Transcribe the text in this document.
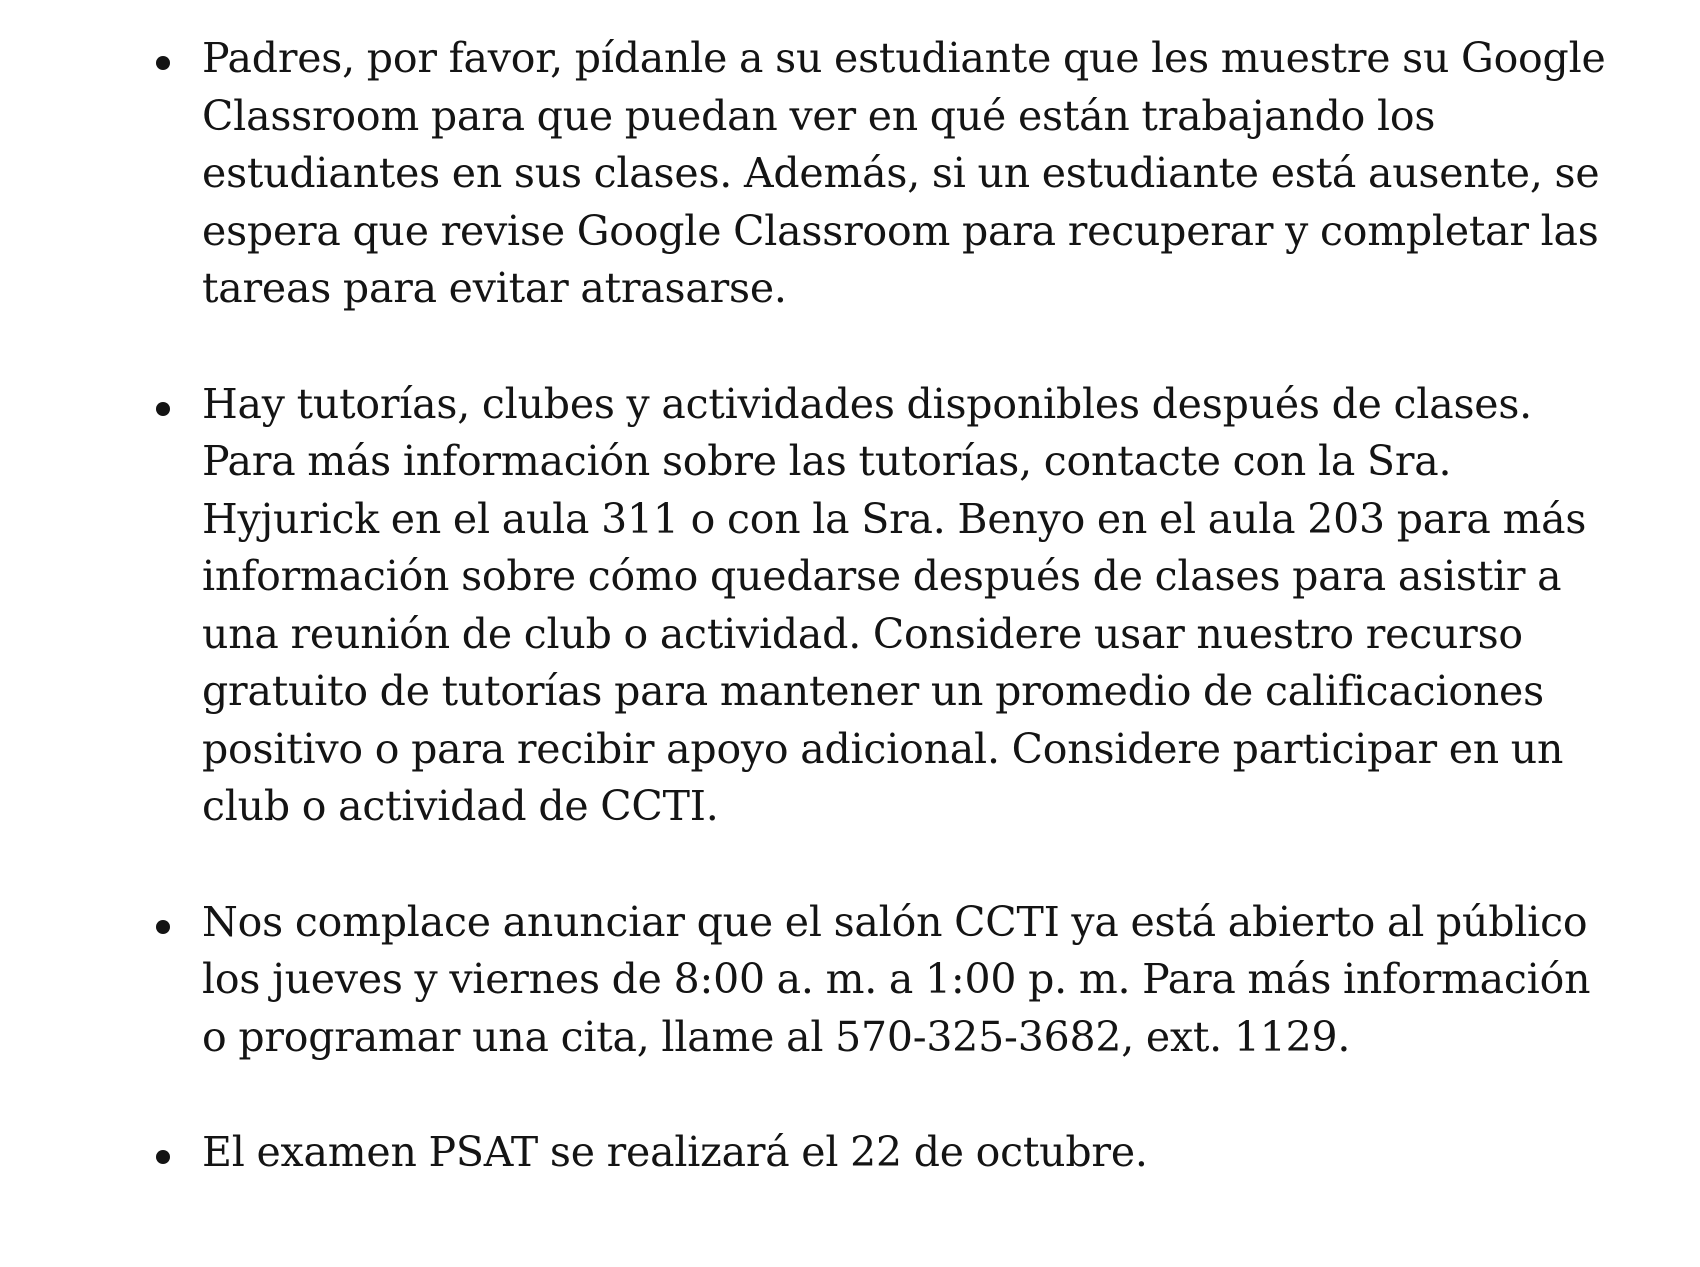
Padres, por favor, pídanle a su estudiante que les muestre su Google Classroom para que puedan ver en qué están trabajando los estudiantes en sus clases. Además, si un estudiante está ausente, se espera que revise Google Classroom para recuperar y completar las tareas para evitar atrasarse.
Hay tutorías, clubes y actividades disponibles después de clases. Para más información sobre las tutorías, contacte con la Sra. Hyjurick en el aula 311 o con la Sra. Benyo en el aula 203 para más información sobre cómo quedarse después de clases para asistir a una reunión de club o actividad. Considere usar nuestro recurso gratuito de tutorías para mantener un promedio de calificaciones positivo o para recibir apoyo adicional. Considere participar en un club o actividad de CCTI.
Nos complace anunciar que el salón CCTI ya está abierto al público los jueves y viernes de 8:00 a. m. a 1:00 p. m. Para más información o programar una cita, llame al 570-325-3682, ext. 1129.
El examen PSAT se realizará el 22 de octubre.
